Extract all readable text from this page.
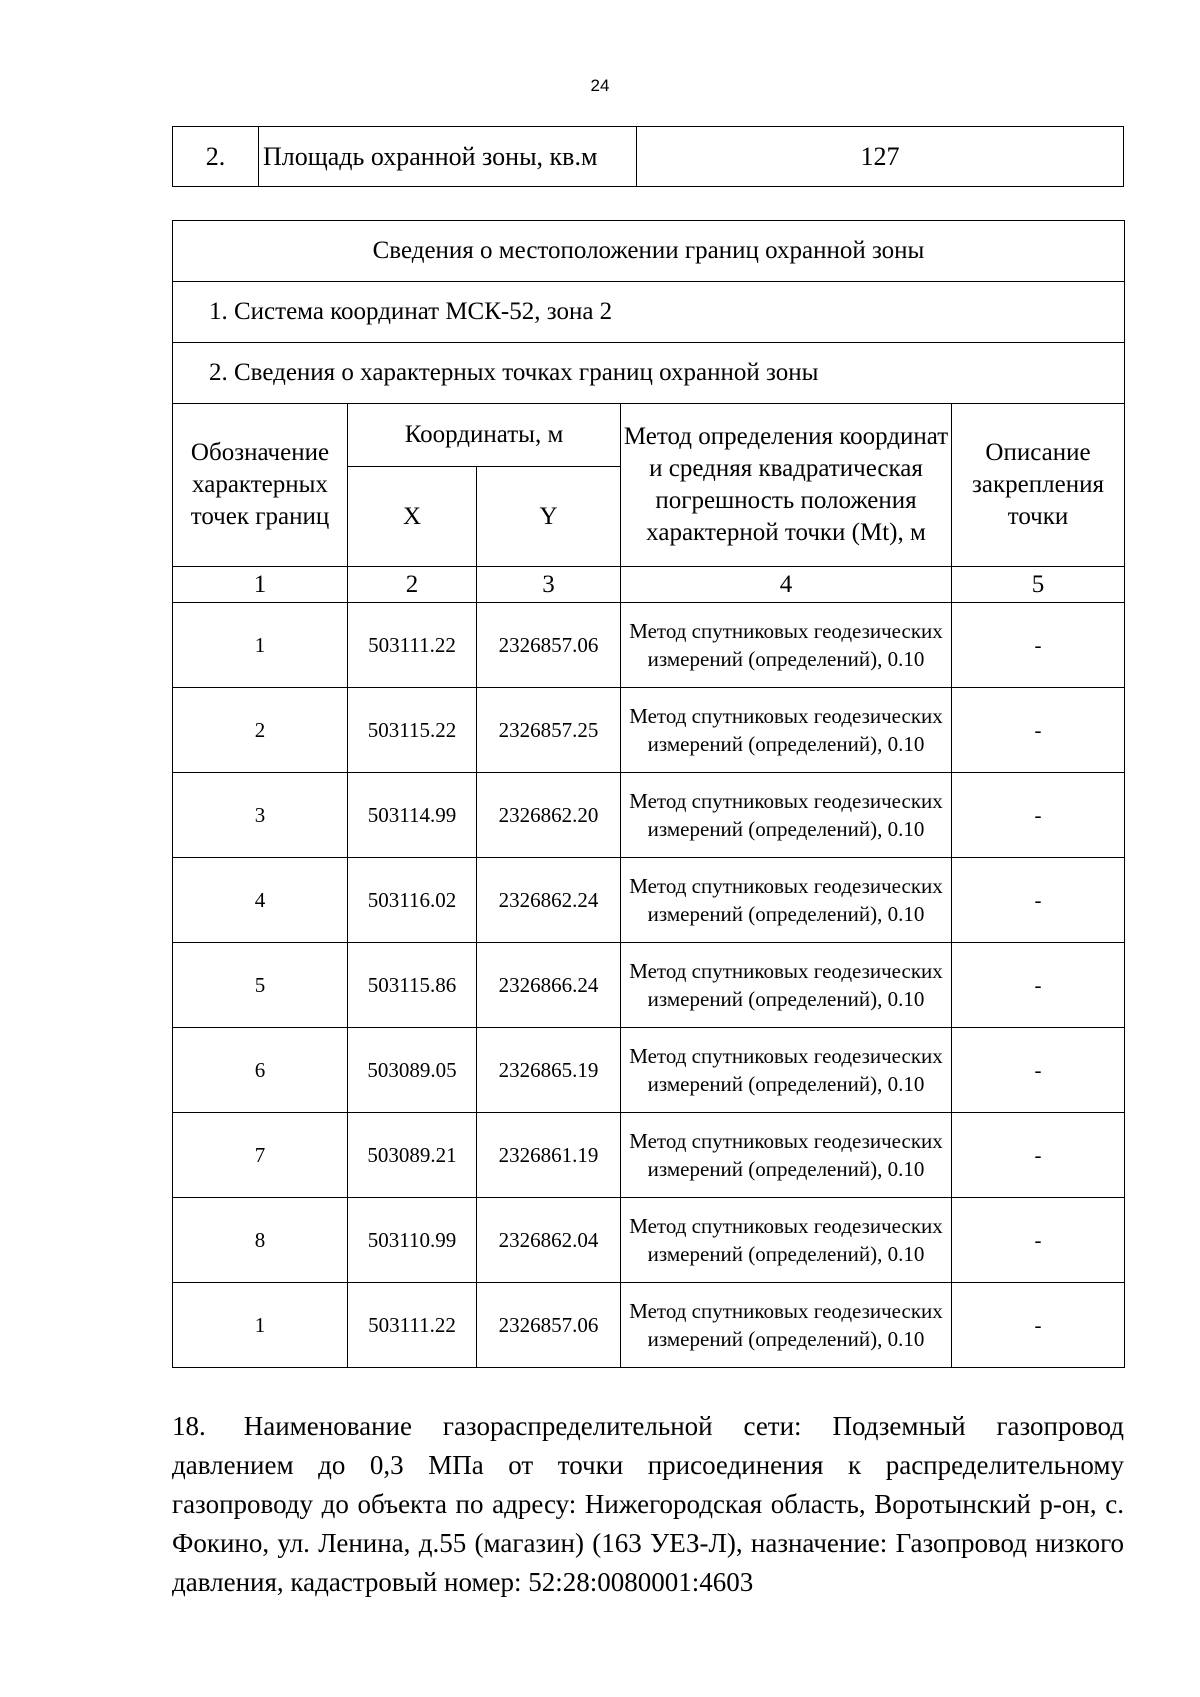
24
2.	Площадь охранной зоны, кв.м	127
Сведения о местоположении границ охранной зоны				
1. Система координат МСК-52, зона 2				
2. Сведения о характерных точках границ охранной зоны				
Обозначение характерных точек границ	Координаты, м		Метод определения координат и средняя квадратическая погрешность положения характерной точки (Mt), м	Описание закрепления точки
	X	Y		
1	2	3	4	5
1	503111.22	2326857.06	Метод спутниковых геодезических измерений (определений), 0.10	-
2	503115.22	2326857.25	Метод спутниковых геодезических измерений (определений), 0.10	-
3	503114.99	2326862.20	Метод спутниковых геодезических измерений (определений), 0.10	-
4	503116.02	2326862.24	Метод спутниковых геодезических измерений (определений), 0.10	-
5	503115.86	2326866.24	Метод спутниковых геодезических измерений (определений), 0.10	-
6	503089.05	2326865.19	Метод спутниковых геодезических измерений (определений), 0.10	-
7	503089.21	2326861.19	Метод спутниковых геодезических измерений (определений), 0.10	-
8	503110.99	2326862.04	Метод спутниковых геодезических измерений (определений), 0.10	-
1	503111.22	2326857.06	Метод спутниковых геодезических измерений (определений), 0.10	-
18. Наименование газораспределительной сети: Подземный газопровод давлением до 0,3 МПа от точки присоединения к распределительному газопроводу до объекта по адресу: Нижегородская область, Воротынский р-он, с. Фокино, ул. Ленина, д.55 (магазин) (163 УЕЗ-Л), назначение: Газопровод низкого давления, кадастровый номер: 52:28:0080001:4603
